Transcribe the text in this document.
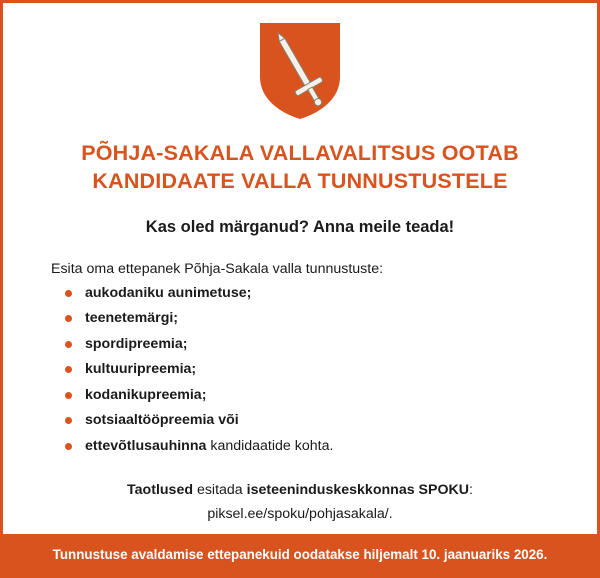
PÕHJA-SAKALA VALLAVALITSUS OOTAB
KANDIDAATE VALLA TUNNUSTUSTELE

Kas oled märganud? Anna meile teada!

Esita oma ettepanek Põhja-Sakala valla tunnustuste:

aukodaniku aunimetuse;
teenetemärgi;
spordipreemia;
kultuuripreemia;
kodanikupreemia;
sotsiaaltööpreemia või
ettevõtlusauhinna kandidaatide kohta.

Taotlused esitada iseteeninduskeskkonnas SPOKU:
piksel.ee/spoku/pohjasakala/.

Tunnustuse avaldamise ettepanekuid oodatakse hiljemalt 10. jaanuariks 2026.
